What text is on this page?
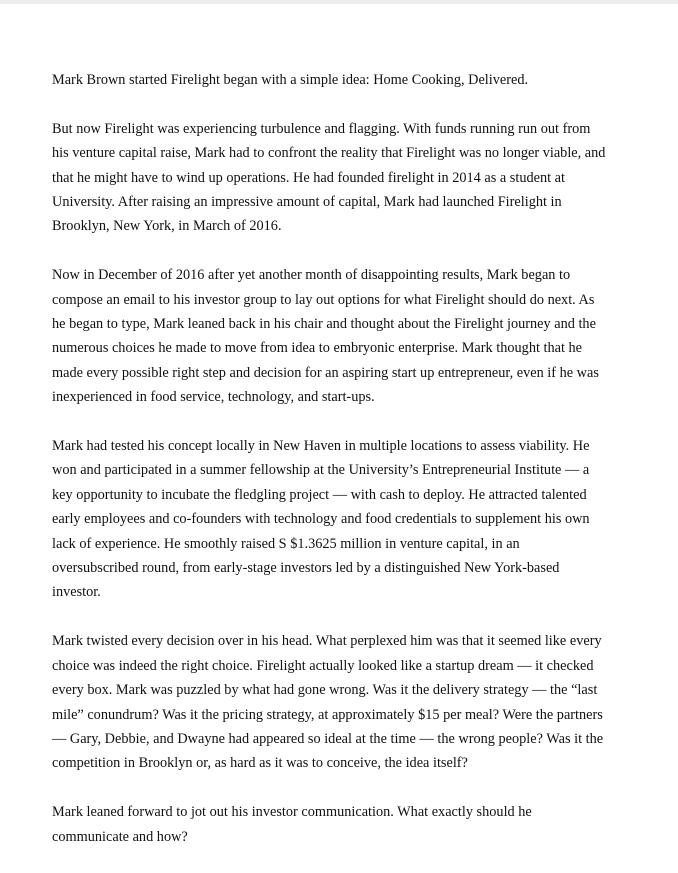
Mark Brown started Firelight began with a simple idea: Home Cooking, Delivered.

But now Firelight was experiencing turbulence and flagging. With funds running run out from
his venture capital raise, Mark had to confront the reality that Firelight was no longer viable, and
that he might have to wind up operations. He had founded firelight in 2014 as a student at
University. After raising an impressive amount of capital, Mark had launched Firelight in
Brooklyn, New York, in March of 2016.

Now in December of 2016 after yet another month of disappointing results, Mark began to
compose an email to his investor group to lay out options for what Firelight should do next. As
he began to type, Mark leaned back in his chair and thought about the Firelight journey and the
numerous choices he made to move from idea to embryonic enterprise. Mark thought that he
made every possible right step and decision for an aspiring start up entrepreneur, even if he was
inexperienced in food service, technology, and start-ups.

Mark had tested his concept locally in New Haven in multiple locations to assess viability. He
won and participated in a summer fellowship at the University’s Entrepreneurial Institute — a
key opportunity to incubate the fledgling project — with cash to deploy. He attracted talented
early employees and co-founders with technology and food credentials to supplement his own
lack of experience. He smoothly raised S $1.3625 million in venture capital, in an
oversubscribed round, from early-stage investors led by a distinguished New York-based
investor.

Mark twisted every decision over in his head. What perplexed him was that it seemed like every
choice was indeed the right choice. Firelight actually looked like a startup dream — it checked
every box. Mark was puzzled by what had gone wrong. Was it the delivery strategy — the “last
mile” conundrum? Was it the pricing strategy, at approximately $15 per meal? Were the partners
— Gary, Debbie, and Dwayne had appeared so ideal at the time — the wrong people? Was it the
competition in Brooklyn or, as hard as it was to conceive, the idea itself?

Mark leaned forward to jot out his investor communication. What exactly should he
communicate and how?
